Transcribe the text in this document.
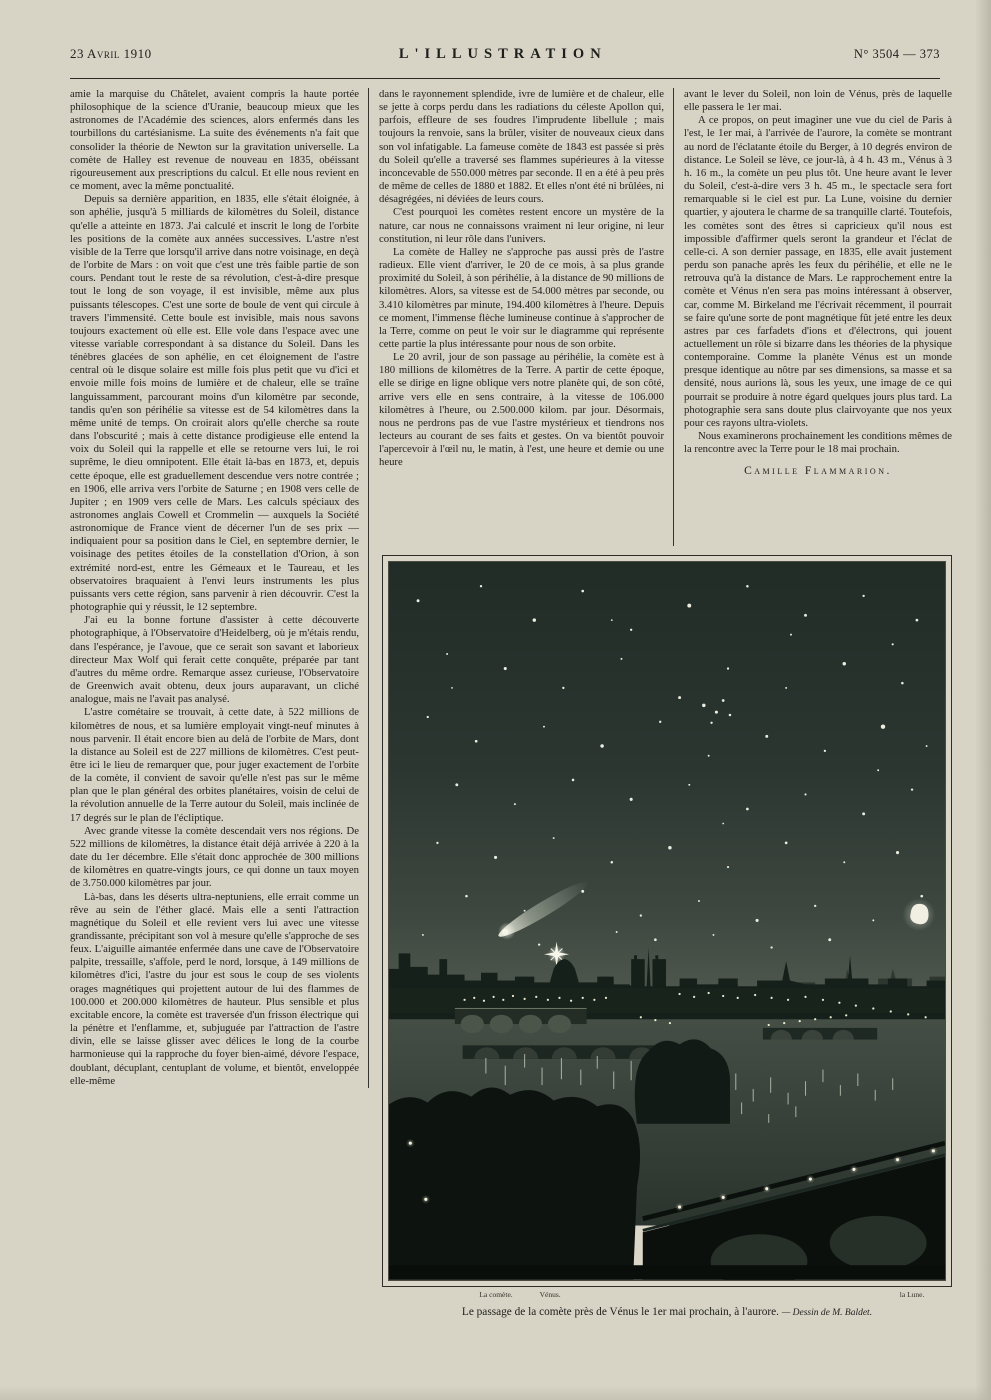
23 Avril 1910	L'ILLUSTRATION	N° 3504 — 373

amie la marquise du Châtelet, avaient compris la haute portée philosophique de la science d'Uranie, beaucoup mieux que les astronomes de l'Académie des sciences, alors enfermés dans les tourbillons du cartésianisme. La suite des événements n'a fait que consolider la théorie de Newton sur la gravitation universelle. La comète de Halley est revenue de nouveau en 1835, obéissant rigoureusement aux prescriptions du calcul. Et elle nous revient en ce moment, avec la même ponctualité.

Depuis sa dernière apparition, en 1835, elle s'était éloignée, à son aphélie, jusqu'à 5 milliards de kilomètres du Soleil, distance qu'elle a atteinte en 1873. J'ai calculé et inscrit le long de l'orbite les positions de la comète aux années successives. L'astre n'est visible de la Terre que lorsqu'il arrive dans notre voisinage, en deçà de l'orbite de Mars : on voit que c'est une très faible partie de son cours. Pendant tout le reste de sa révolution, c'est-à-dire presque tout le long de son voyage, il est invisible, même aux plus puissants télescopes. C'est une sorte de boule de vent qui circule à travers l'immensité. Cette boule est invisible, mais nous savons toujours exactement où elle est. Elle vole dans l'espace avec une vitesse variable correspondant à sa distance du Soleil. Dans les ténèbres glacées de son aphélie, en cet éloignement de l'astre central où le disque solaire est mille fois plus petit que vu d'ici et envoie mille fois moins de lumière et de chaleur, elle se traîne languissamment, parcourant moins d'un kilomètre par seconde, tandis qu'en son périhélie sa vitesse est de 54 kilomètres dans la même unité de temps. On croirait alors qu'elle cherche sa route dans l'obscurité ; mais à cette distance prodigieuse elle entend la voix du Soleil qui la rappelle et elle se retourne vers lui, le roi suprême, le dieu omnipotent. Elle était là-bas en 1873, et, depuis cette époque, elle est graduellement descendue vers notre contrée ; en 1906, elle arriva vers l'orbite de Saturne ; en 1908 vers celle de Jupiter ; en 1909 vers celle de Mars. Les calculs spéciaux des astronomes anglais Cowell et Crommelin — auxquels la Société astronomique de France vient de décerner l'un de ses prix — indiquaient pour sa position dans le Ciel, en septembre dernier, le voisinage des petites étoiles de la constellation d'Orion, à son extrémité nord-est, entre les Gémeaux et le Taureau, et les observatoires braquaient à l'envi leurs instruments les plus puissants vers cette région, sans parvenir à rien découvrir. C'est la photographie qui y réussit, le 12 septembre.

J'ai eu la bonne fortune d'assister à cette découverte photographique, à l'Observatoire d'Heidelberg, où je m'étais rendu, dans l'espérance, je l'avoue, que ce serait son savant et laborieux directeur Max Wolf qui ferait cette conquête, préparée par tant d'autres du même ordre. Remarque assez curieuse, l'Observatoire de Greenwich avait obtenu, deux jours auparavant, un cliché analogue, mais ne l'avait pas analysé.

L'astre cométaire se trouvait, à cette date, à 522 millions de kilomètres de nous, et sa lumière employait vingt-neuf minutes à nous parvenir. Il était encore bien au delà de l'orbite de Mars, dont la distance au Soleil est de 227 millions de kilomètres. C'est peut-être ici le lieu de remarquer que, pour juger exactement de l'orbite de la comète, il convient de savoir qu'elle n'est pas sur le même plan que le plan général des orbites planétaires, voisin de celui de la révolution annuelle de la Terre autour du Soleil, mais inclinée de 17 degrés sur le plan de l'écliptique.

Avec grande vitesse la comète descendait vers nos régions. De 522 millions de kilomètres, la distance était déjà arrivée à 220 à la date du 1er décembre. Elle s'était donc approchée de 300 millions de kilomètres en quatre-vingts jours, ce qui donne un taux moyen de 3.750.000 kilomètres par jour.

Là-bas, dans les déserts ultra-neptuniens, elle errait comme un rêve au sein de l'éther glacé. Mais elle a senti l'attraction magnétique du Soleil et elle revient vers lui avec une vitesse grandissante, précipitant son vol à mesure qu'elle s'approche de ses feux. L'aiguille aimantée enfermée dans une cave de l'Observatoire palpite, tressaille, s'affole, perd le nord, lorsque, à 149 millions de kilomètres d'ici, l'astre du jour est sous le coup de ses violents orages magnétiques qui projettent autour de lui des flammes de 100.000 et 200.000 kilomètres de hauteur. Plus sensible et plus excitable encore, la comète est traversée d'un frisson électrique qui la pénètre et l'enflamme, et, subjuguée par l'attraction de l'astre divin, elle se laisse glisser avec délices le long de la courbe harmonieuse qui la rapproche du foyer bien-aimé, dévore l'espace, doublant, décuplant, centuplant de volume, et bientôt, enveloppée elle-même

dans le rayonnement splendide, ivre de lumière et de chaleur, elle se jette à corps perdu dans les radiations du céleste Apollon qui, parfois, effleure de ses foudres l'imprudente libellule ; mais toujours la renvoie, sans la brûler, visiter de nouveaux cieux dans son vol infatigable. La fameuse comète de 1843 est passée si près du Soleil qu'elle a traversé ses flammes supérieures à la vitesse inconcevable de 550.000 mètres par seconde. Il en a été à peu près de même de celles de 1880 et 1882. Et elles n'ont été ni brûlées, ni désagrégées, ni déviées de leurs cours.

C'est pourquoi les comètes restent encore un mystère de la nature, car nous ne connaissons vraiment ni leur origine, ni leur constitution, ni leur rôle dans l'univers.

La comète de Halley ne s'approche pas aussi près de l'astre radieux. Elle vient d'arriver, le 20 de ce mois, à sa plus grande proximité du Soleil, à son périhélie, à la distance de 90 millions de kilomètres. Alors, sa vitesse est de 54.000 mètres par seconde, ou 3.410 kilomètres par minute, 194.400 kilomètres à l'heure. Depuis ce moment, l'immense flèche lumineuse continue à s'approcher de la Terre, comme on peut le voir sur le diagramme qui représente cette partie la plus intéressante pour nous de son orbite.

Le 20 avril, jour de son passage au périhélie, la comète est à 180 millions de kilomètres de la Terre. A partir de cette époque, elle se dirige en ligne oblique vers notre planète qui, de son côté, arrive vers elle en sens contraire, à la vitesse de 106.000 kilomètres à l'heure, ou 2.500.000 kilom. par jour. Désormais, nous ne perdrons pas de vue l'astre mystérieux et tiendrons nos lecteurs au courant de ses faits et gestes. On va bientôt pouvoir l'apercevoir à l'œil nu, le matin, à l'est, une heure et demie ou une heure

avant le lever du Soleil, non loin de Vénus, près de laquelle elle passera le 1er mai.

A ce propos, on peut imaginer une vue du ciel de Paris à l'est, le 1er mai, à l'arrivée de l'aurore, la comète se montrant au nord de l'éclatante étoile du Berger, à 10 degrés environ de distance. Le Soleil se lève, ce jour-là, à 4 h. 43 m., Vénus à 3 h. 16 m., la comète un peu plus tôt. Une heure avant le lever du Soleil, c'est-à-dire vers 3 h. 45 m., le spectacle sera fort remarquable si le ciel est pur. La Lune, voisine du dernier quartier, y ajoutera le charme de sa tranquille clarté. Toutefois, les comètes sont des êtres si capricieux qu'il nous est impossible d'affirmer quels seront la grandeur et l'éclat de celle-ci. A son dernier passage, en 1835, elle avait justement perdu son panache après les feux du périhélie, et elle ne le retrouva qu'à la distance de Mars. Le rapprochement entre la comète et Vénus n'en sera pas moins intéressant à observer, car, comme M. Birkeland me l'écrivait récemment, il pourrait se faire qu'une sorte de pont magnétique fût jeté entre les deux astres par ces farfadets d'ions et d'électrons, qui jouent actuellement un rôle si bizarre dans les théories de la physique contemporaine. Comme la planète Vénus est un monde presque identique au nôtre par ses dimensions, sa masse et sa densité, nous aurions là, sous les yeux, une image de ce qui pourrait se produire à notre égard quelques jours plus tard. La photographie sera sans doute plus clairvoyante que nos yeux pour ces rayons ultra-violets.

Nous examinerons prochainement les conditions mêmes de la rencontre avec la Terre pour le 18 mai prochain.

Camille Flammarion.

La comète.	Vénus.	la Lune.
Le passage de la comète près de Vénus le 1er mai prochain, à l'aurore. — Dessin de M. Baldet.
